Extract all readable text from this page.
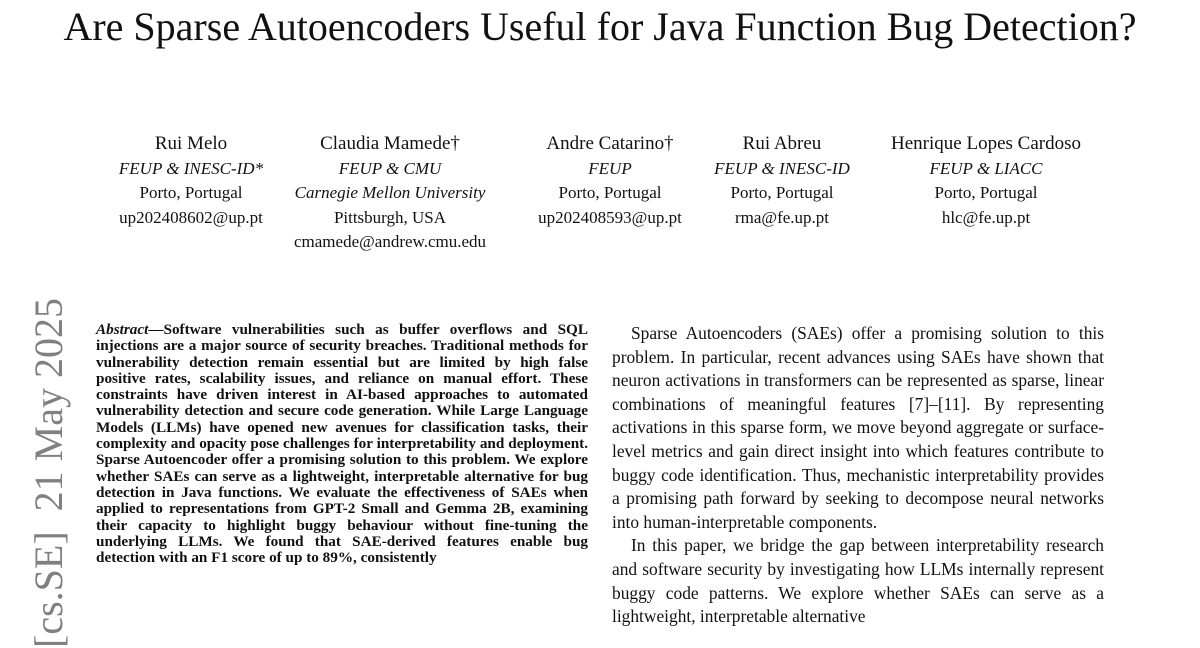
Are Sparse Autoencoders Useful for Java Function Bug Detection?
Rui Melo
FEUP & INESC-ID*
Porto, Portugal
up202408602@up.pt
Claudia Mamede†
FEUP & CMU
Carnegie Mellon University
Pittsburgh, USA
cmamede@andrew.cmu.edu
Andre Catarino†
FEUP
Porto, Portugal
up202408593@up.pt
Rui Abreu
FEUP & INESC-ID
Porto, Portugal
rma@fe.up.pt
Henrique Lopes Cardoso
FEUP & LIACC
Porto, Portugal
hlc@fe.up.pt
[cs.SE]  21 May 2025 Abstract—Software vulnerabilities such as buffer overflows and SQL injections are a major source of security breaches. Traditional methods for vulnerability detection remain essential but are limited by high false positive rates, scalability issues, and reliance on manual effort. These constraints have driven interest in AI-based approaches to automated vulnerability detection and secure code generation. While Large Language Models (LLMs) have opened new avenues for classification tasks, their complexity and opacity pose challenges for interpretability and deployment. Sparse Autoencoder offer a promising solution to this problem. We explore whether SAEs can serve as a lightweight, interpretable alternative for bug detection in Java functions. We evaluate the effectiveness of SAEs when applied to representations from GPT-2 Small and Gemma 2B, examining their capacity to highlight buggy behaviour without fine-tuning the underlying LLMs. We found that SAE-derived features enable bug detection with an F1 score of up to 89%, consistently

Sparse Autoencoders (SAEs) offer a promising solution to this problem. In particular, recent advances using SAEs have shown that neuron activations in transformers can be represented as sparse, linear combinations of meaningful features [7]–[11]. By representing activations in this sparse form, we move beyond aggregate or surface-level metrics and gain direct insight into which features contribute to buggy code identification. Thus, mechanistic interpretability provides a promising path forward by seeking to decompose neural networks into human-interpretable components.

In this paper, we bridge the gap between interpretability research and software security by investigating how LLMs internally represent buggy code patterns. We explore whether SAEs can serve as a lightweight, interpretable alternative
